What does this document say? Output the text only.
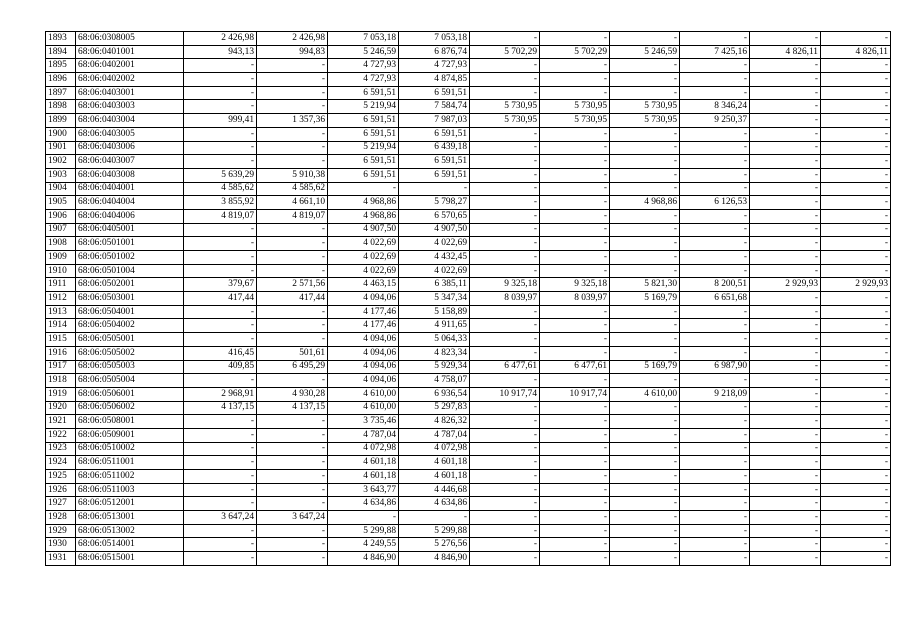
1893	68:06:0308005	2 426,98	2 426,98	7 053,18	7 053,18	-	-	-	-	-	-
1894	68:06:0401001	943,13	994,83	5 246,59	6 876,74	5 702,29	5 702,29	5 246,59	7 425,16	4 826,11	4 826,11
1895	68:06:0402001	-	-	4 727,93	4 727,93	-	-	-	-	-	-
1896	68:06:0402002	-	-	4 727,93	4 874,85	-	-	-	-	-	-
1897	68:06:0403001	-	-	6 591,51	6 591,51	-	-	-	-	-	-
1898	68:06:0403003	-	-	5 219,94	7 584,74	5 730,95	5 730,95	5 730,95	8 346,24	-	-
1899	68:06:0403004	999,41	1 357,36	6 591,51	7 987,03	5 730,95	5 730,95	5 730,95	9 250,37	-	-
1900	68:06:0403005	-	-	6 591,51	6 591,51	-	-	-	-	-	-
1901	68:06:0403006	-	-	5 219,94	6 439,18	-	-	-	-	-	-
1902	68:06:0403007	-	-	6 591,51	6 591,51	-	-	-	-	-	-
1903	68:06:0403008	5 639,29	5 910,38	6 591,51	6 591,51	-	-	-	-	-	-
1904	68:06:0404001	4 585,62	4 585,62	-	-	-	-	-	-	-	-
1905	68:06:0404004	3 855,92	4 661,10	4 968,86	5 798,27	-	-	4 968,86	6 126,53	-	-
1906	68:06:0404006	4 819,07	4 819,07	4 968,86	6 570,65	-	-	-	-	-	-
1907	68:06:0405001	-	-	4 907,50	4 907,50	-	-	-	-	-	-
1908	68:06:0501001	-	-	4 022,69	4 022,69	-	-	-	-	-	-
1909	68:06:0501002	-	-	4 022,69	4 432,45	-	-	-	-	-	-
1910	68:06:0501004	-	-	4 022,69	4 022,69	-	-	-	-	-	-
1911	68:06:0502001	379,67	2 571,56	4 463,15	6 385,11	9 325,18	9 325,18	5 821,30	8 200,51	2 929,93	2 929,93
1912	68:06:0503001	417,44	417,44	4 094,06	5 347,34	8 039,97	8 039,97	5 169,79	6 651,68	-	-
1913	68:06:0504001	-	-	4 177,46	5 158,89	-	-	-	-	-	-
1914	68:06:0504002	-	-	4 177,46	4 911,65	-	-	-	-	-	-
1915	68:06:0505001	-	-	4 094,06	5 064,33	-	-	-	-	-	-
1916	68:06:0505002	416,45	501,61	4 094,06	4 823,34	-	-	-	-	-	-
1917	68:06:0505003	409,85	6 495,29	4 094,06	5 929,34	6 477,61	6 477,61	5 169,79	6 987,90	-	-
1918	68:06:0505004	-	-	4 094,06	4 758,07	-	-	-	-	-	-
1919	68:06:0506001	2 968,91	4 930,28	4 610,00	6 936,54	10 917,74	10 917,74	4 610,00	9 218,09	-	-
1920	68:06:0506002	4 137,15	4 137,15	4 610,00	5 297,83	-	-	-	-	-	-
1921	68:06:0508001	-	-	3 735,46	4 826,32	-	-	-	-	-	-
1922	68:06:0509001	-	-	4 787,04	4 787,04	-	-	-	-	-	-
1923	68:06:0510002	-	-	4 072,98	4 072,98	-	-	-	-	-	-
1924	68:06:0511001	-	-	4 601,18	4 601,18	-	-	-	-	-	-
1925	68:06:0511002	-	-	4 601,18	4 601,18	-	-	-	-	-	-
1926	68:06:0511003	-	-	3 643,77	4 446,68	-	-	-	-	-	-
1927	68:06:0512001	-	-	4 634,86	4 634,86	-	-	-	-	-	-
1928	68:06:0513001	3 647,24	3 647,24	-	-	-	-	-	-	-	-
1929	68:06:0513002	-	-	5 299,88	5 299,88	-	-	-	-	-	-
1930	68:06:0514001	-	-	4 249,55	5 276,56	-	-	-	-	-	-
1931	68:06:0515001	-	-	4 846,90	4 846,90	-	-	-	-	-	-
